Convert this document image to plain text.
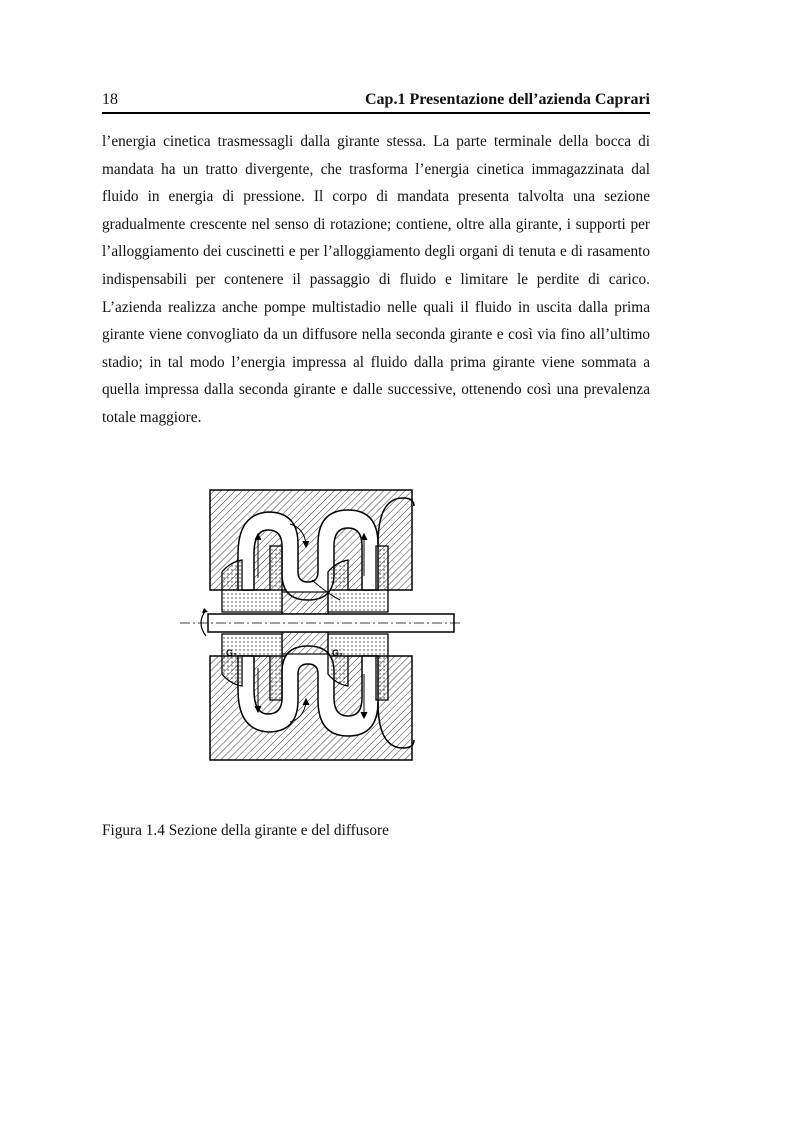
18	Cap.1 Presentazione dell’azienda Caprari

l’energia cinetica trasmessagli dalla girante stessa. La parte terminale della bocca di mandata ha un tratto divergente, che trasforma l’energia cinetica immagazzinata dal fluido in energia di pressione. Il corpo di mandata presenta talvolta una sezione gradualmente crescente nel senso di rotazione; contiene, oltre alla girante, i supporti per l’alloggiamento dei cuscinetti e per l’alloggiamento degli organi di tenuta e di rasamento indispensabili per contenere il passaggio di fluido e limitare le perdite di carico. L’azienda realizza anche pompe multistadio nelle quali il fluido in uscita dalla prima girante viene convogliato da un diffusore nella seconda girante e così via fino all’ultimo stadio; in tal modo l’energia impressa al fluido dalla prima girante viene sommata a quella impressa dalla seconda girante e dalle successive, ottenendo così una prevalenza totale maggiore.

G₁	G₂

Figura 1.4 Sezione della girante e del diffusore
